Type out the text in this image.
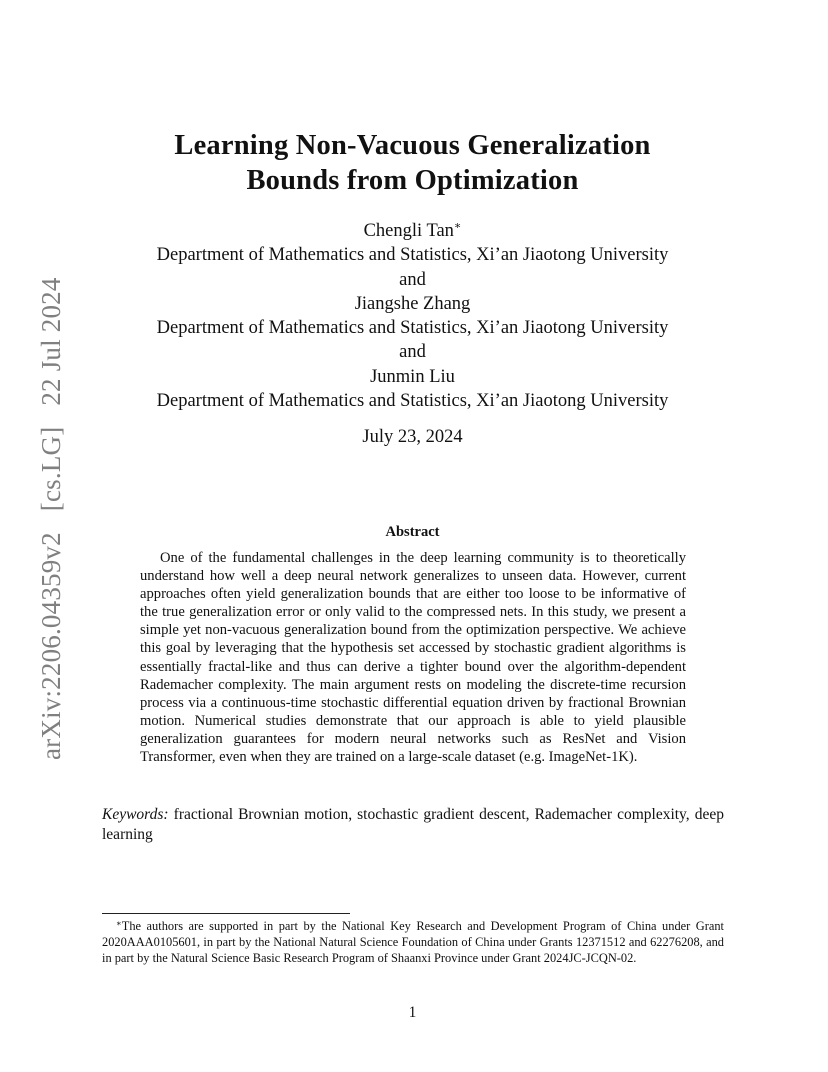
arXiv:2206.04359v2 [cs.LG] 22 Jul 2024
Learning Non-Vacuous Generalization
Bounds from Optimization
Chengli Tan∗
Department of Mathematics and Statistics, Xi’an Jiaotong University
and
Jiangshe Zhang
Department of Mathematics and Statistics, Xi’an Jiaotong University
and
Junmin Liu
Department of Mathematics and Statistics, Xi’an Jiaotong University
July 23, 2024
Abstract

One of the fundamental challenges in the deep learning community is to theoretically understand how well a deep neural network generalizes to unseen data. However, current approaches often yield generalization bounds that are either too loose to be informative of the true generalization error or only valid to the compressed nets. In this study, we present a simple yet non-vacuous generalization bound from the optimization perspective. We achieve this goal by leveraging that the hypothesis set accessed by stochastic gradient algorithms is essentially fractal-like and thus can derive a tighter bound over the algorithm-dependent Rademacher complexity. The main argument rests on modeling the discrete-time recursion process via a continuous-time stochastic differential equation driven by fractional Brownian motion. Numerical studies demonstrate that our approach is able to yield plausible generalization guarantees for modern neural networks such as ResNet and Vision Transformer, even when they are trained on a large-scale dataset (e.g. ImageNet-1K).

Keywords: fractional Brownian motion, stochastic gradient descent, Rademacher complexity, deep learning

∗The authors are supported in part by the National Key Research and Development Program of China under Grant 2020AAA0105601, in part by the National Natural Science Foundation of China under Grants 12371512 and 62276208, and in part by the Natural Science Basic Research Program of Shaanxi Province under Grant 2024JC-JCQN-02.

1
